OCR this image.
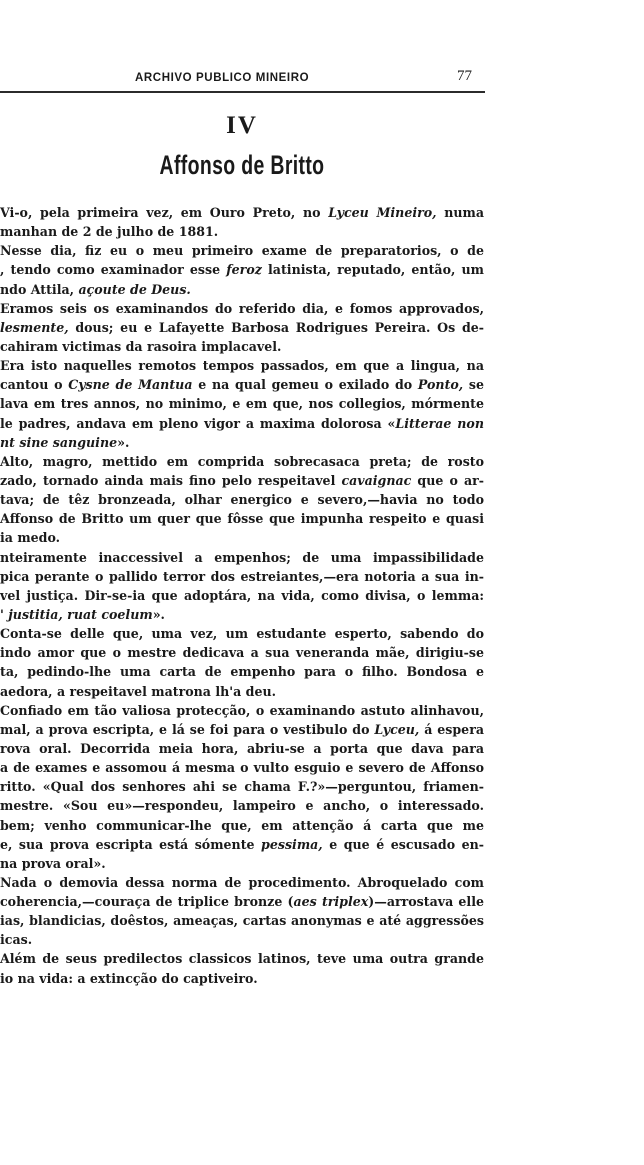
ARCHIVO PUBLICO MINEIRO	77
IV
Affonso de Britto
Vi-o, pela primeira vez, em Ouro Preto, no Lyceu Mineiro, numa
manhan de 2 de julho de 1881.
Nesse dia, fiz eu o meu primeiro exame de preparatorios, o de
, tendo como examinador esse feroz latinista, reputado, então, um
ndo Attila, açoute de Deus.
Eramos seis os examinandos do referido dia, e fomos approvados,
lesmente, dous; eu e Lafayette Barbosa Rodrigues Pereira. Os de-
cahiram victimas da rasoira implacavel.
Era isto naquelles remotos tempos passados, em que a lingua, na
cantou o Cysne de Mantua e na qual gemeu o exilado do Ponto, se
lava em tres annos, no minimo, e em que, nos collegios, mórmente
le padres, andava em pleno vigor a maxima dolorosa «Litterae non
nt sine sanguine».
Alto, magro, mettido em comprida sobrecasaca preta; de rosto
zado, tornado ainda mais fino pelo respeitavel cavaignac que o ar-
tava; de têz bronzeada, olhar energico e severo,—havia no todo
Affonso de Britto um quer que fôsse que impunha respeito e quasi
ia medo.
nteiramente inaccessivel a empenhos; de uma impassibilidade
pica perante o pallido terror dos estreiantes,—era notoria a sua in-
vel justiça. Dir-se-ia que adoptára, na vida, como divisa, o lemma:
' justitia, ruat coelum».
Conta-se delle que, uma vez, um estudante esperto, sabendo do
indo amor que o mestre dedicava a sua veneranda mãe, dirigiu-se
ta, pedindo-lhe uma carta de empenho para o filho. Bondosa e
aedora, a respeitavel matrona lh'a deu.
Confiado em tão valiosa protecção, o examinando astuto alinhavou,
mal, a prova escripta, e lá se foi para o vestibulo do Lyceu, á espera
rova oral. Decorrida meia hora, abriu-se a porta que dava para
a de exames e assomou á mesma o vulto esguio e severo de Affonso
ritto. «Qual dos senhores ahi se chama F.?»—perguntou, friamen-
mestre. «Sou eu»—respondeu, lampeiro e ancho, o interessado.
bem; venho communicar-lhe que, em attenção á carta que me
e, sua prova escripta está sómente pessima, e que é escusado en-
na prova oral».
Nada o demovia dessa norma de procedimento. Abroquelado com
coherencia,—couraça de triplice bronze (aes triplex)—arrostava elle
ias, blandicias, doêstos, ameaças, cartas anonymas e até aggressões
icas.
Além de seus predilectos classicos latinos, teve uma outra grande
io na vida: a extincção do captiveiro.
